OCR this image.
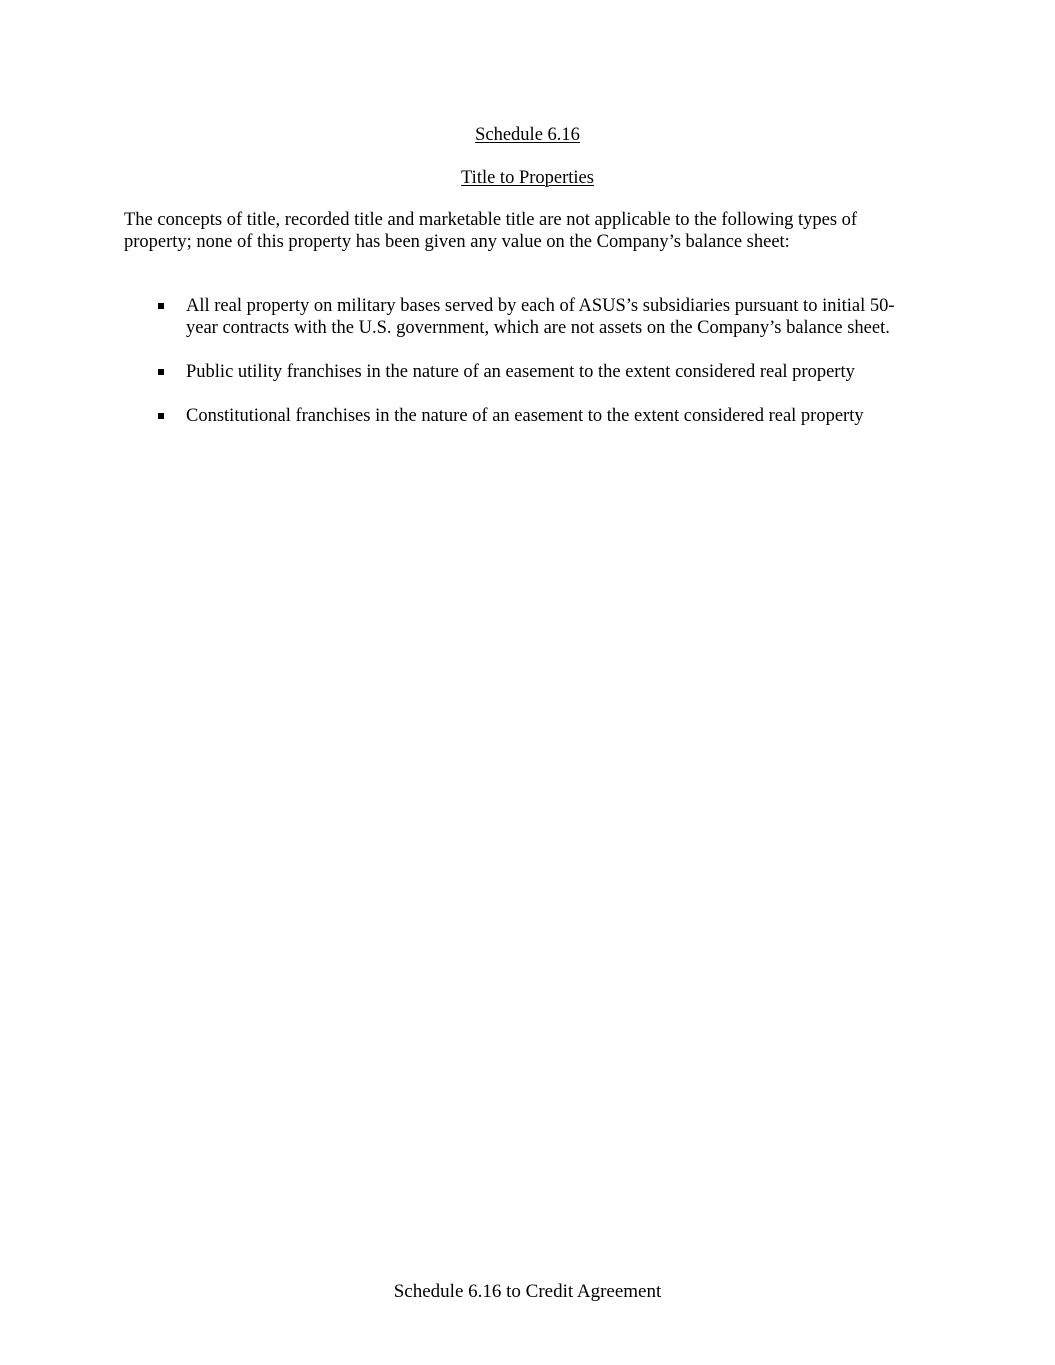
Schedule 6.16
Title to Properties

The concepts of title, recorded title and marketable title are not applicable to the following types of property; none of this property has been given any value on the Company’s balance sheet:

All real property on military bases served by each of ASUS’s subsidiaries pursuant to initial 50-year contracts with the U.S. government, which are not assets on the Company’s balance sheet.
Public utility franchises in the nature of an easement to the extent considered real property
Constitutional franchises in the nature of an easement to the extent considered real property
Schedule 6.16 to Credit Agreement
